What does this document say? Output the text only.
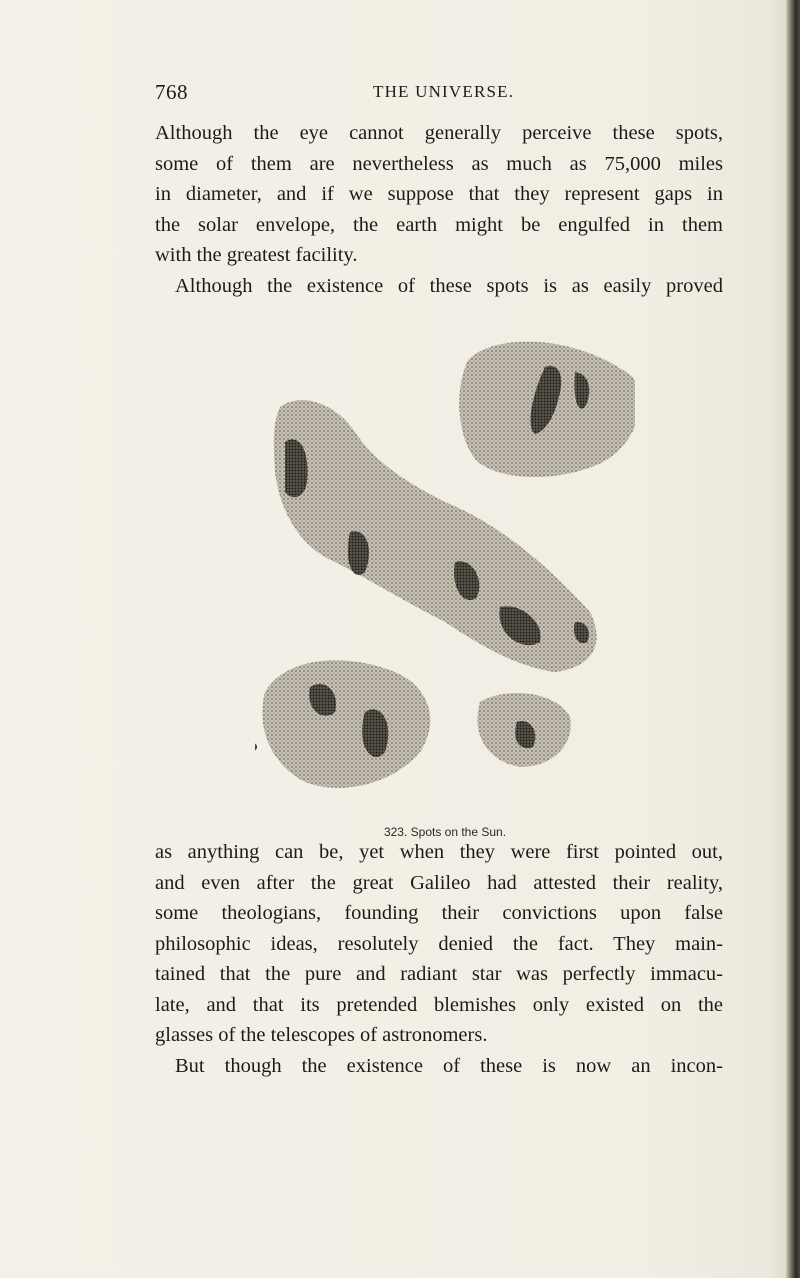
768	THE UNIVERSE.
Although the eye cannot generally perceive these spots,
some of them are nevertheless as much as 75,000 miles
in diameter, and if we suppose that they represent gaps in
the solar envelope, the earth might be engulfed in them
with the greatest facility.
Although the existence of these spots is as easily proved
323. Spots on the Sun.
as anything can be, yet when they were first pointed out,
and even after the great Galileo had attested their reality,
some theologians, founding their convictions upon false
philosophic ideas, resolutely denied the fact. They main-
tained that the pure and radiant star was perfectly immacu-
late, and that its pretended blemishes only existed on the
glasses of the telescopes of astronomers.
But though the existence of these is now an incon-
